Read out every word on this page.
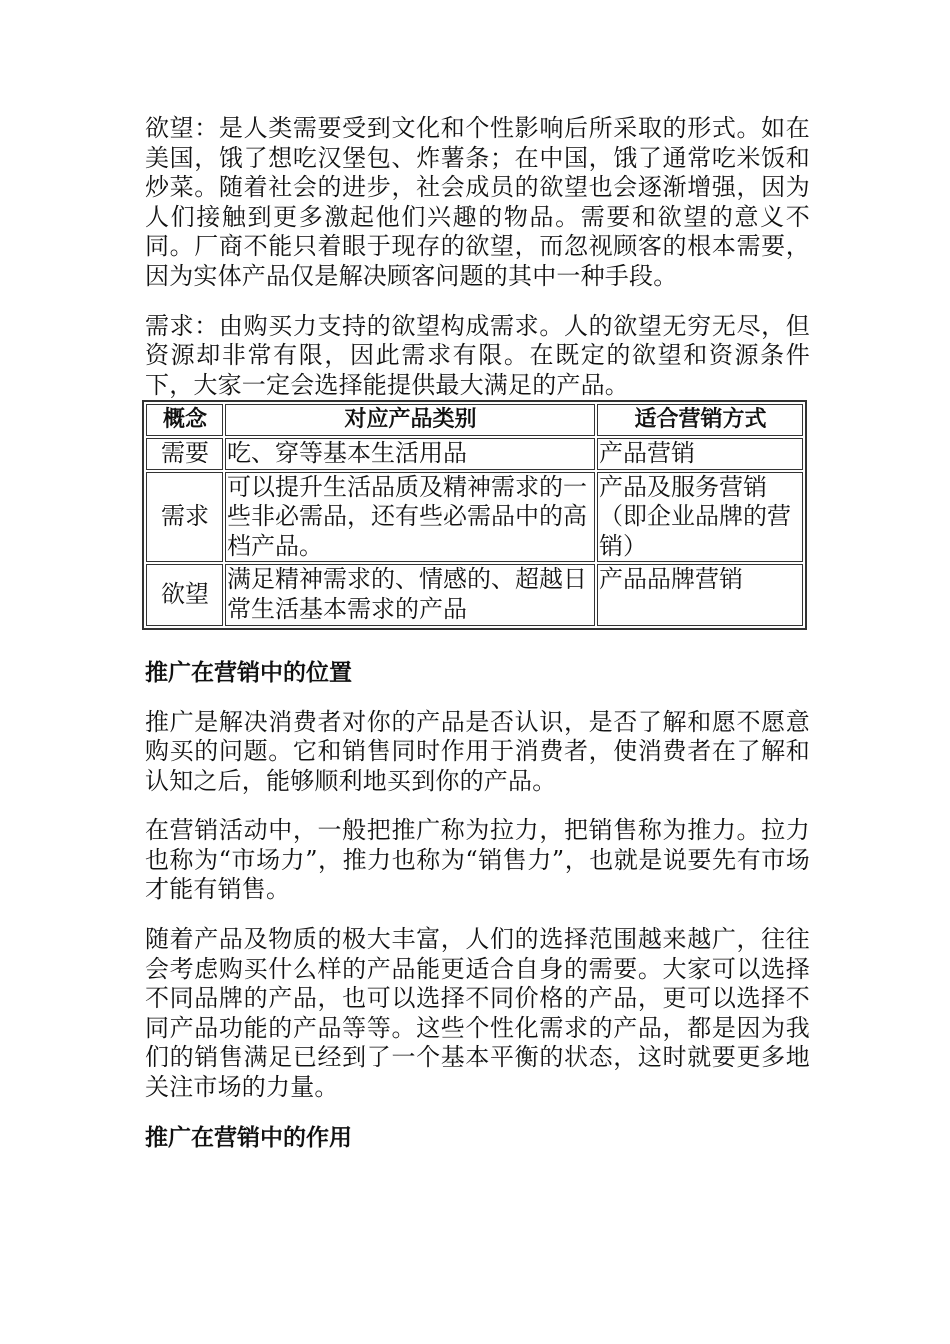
欲望：是人类需要受到文化和个性影响后所采取的形式。如在美国，饿了想吃汉堡包、炸薯条；在中国，饿了通常吃米饭和炒菜。随着社会的进步，社会成员的欲望也会逐渐增强，因为人们接触到更多激起他们兴趣的物品。需要和欲望的意义不同。厂商不能只着眼于现存的欲望，而忽视顾客的根本需要，因为实体产品仅是解决顾客问题的其中一种手段。

需求：由购买力支持的欲望构成需求。人的欲望无穷无尽，但资源却非常有限，因此需求有限。在既定的欲望和资源条件下，大家一定会选择能提供最大满足的产品。

概念	对应产品类别	适合营销方式
需要	吃、穿等基本生活用品	产品营销
需求	可以提升生活品质及精神需求的一些非必需品，还有些必需品中的高档产品。	产品及服务营销（即企业品牌的营销）
欲望	满足精神需求的、情感的、超越日常生活基本需求的产品	产品品牌营销
推广在营销中的位置

推广是解决消费者对你的产品是否认识，是否了解和愿不愿意购买的问题。它和销售同时作用于消费者，使消费者在了解和认知之后，能够顺利地买到你的产品。

在营销活动中，一般把推广称为拉力，把销售称为推力。拉力也称为“市场力”，推力也称为“销售力”，也就是说要先有市场才能有销售。

随着产品及物质的极大丰富，人们的选择范围越来越广，往往会考虑购买什么样的产品能更适合自身的需要。大家可以选择不同品牌的产品，也可以选择不同价格的产品，更可以选择不同产品功能的产品等等。这些个性化需求的产品，都是因为我们的销售满足已经到了一个基本平衡的状态，这时就要更多地关注市场的力量。

推广在营销中的作用
